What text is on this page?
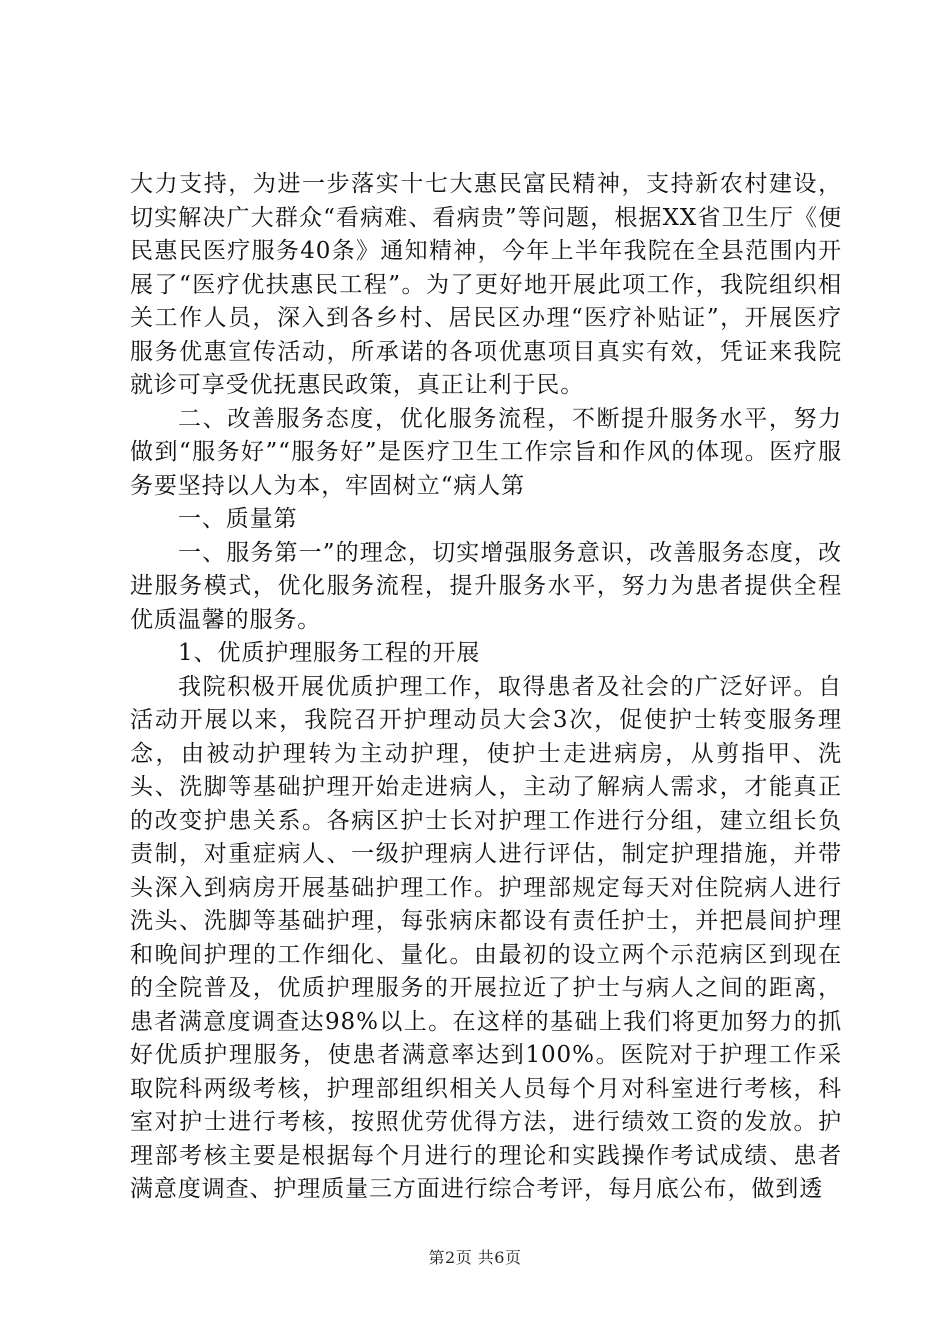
大力支持，为进一步落实十七大惠民富民精神，支持新农村建设，切实解决广大群众“看病难、看病贵”等问题，根据XX省卫生厅《便民惠民医疗服务40条》通知精神，今年上半年我院在全县范围内开展了“医疗优扶惠民工程”。为了更好地开展此项工作，我院组织相关工作人员，深入到各乡村、居民区办理“医疗补贴证”，开展医疗服务优惠宣传活动，所承诺的各项优惠项目真实有效，凭证来我院就诊可享受优抚惠民政策，真正让利于民。

二、改善服务态度，优化服务流程，不断提升服务水平，努力做到“服务好”“服务好”是医疗卫生工作宗旨和作风的体现。医疗服务要坚持以人为本，牢固树立“病人第

一、质量第

一、服务第一”的理念，切实增强服务意识，改善服务态度，改进服务模式，优化服务流程，提升服务水平，努力为患者提供全程优质温馨的服务。

1、优质护理服务工程的开展

我院积极开展优质护理工作，取得患者及社会的广泛好评。自活动开展以来，我院召开护理动员大会3次，促使护士转变服务理念，由被动护理转为主动护理，使护士走进病房，从剪指甲、洗头、洗脚等基础护理开始走进病人，主动了解病人需求，才能真正的改变护患关系。各病区护士长对护理工作进行分组，建立组长负责制，对重症病人、一级护理病人进行评估，制定护理措施，并带头深入到病房开展基础护理工作。护理部规定每天对住院病人进行洗头、洗脚等基础护理，每张病床都设有责任护士，并把晨间护理和晚间护理的工作细化、量化。由最初的设立两个示范病区到现在的全院普及，优质护理服务的开展拉近了护士与病人之间的距离，患者满意度调查达98%以上。在这样的基础上我们将更加努力的抓好优质护理服务，使患者满意率达到100%。医院对于护理工作采取院科两级考核，护理部组织相关人员每个月对科室进行考核，科室对护士进行考核，按照优劳优得方法，进行绩效工资的发放。护理部考核主要是根据每个月进行的理论和实践操作考试成绩、患者满意度调查、护理质量三方面进行综合考评，每月底公布，做到透

第2页 共6页
